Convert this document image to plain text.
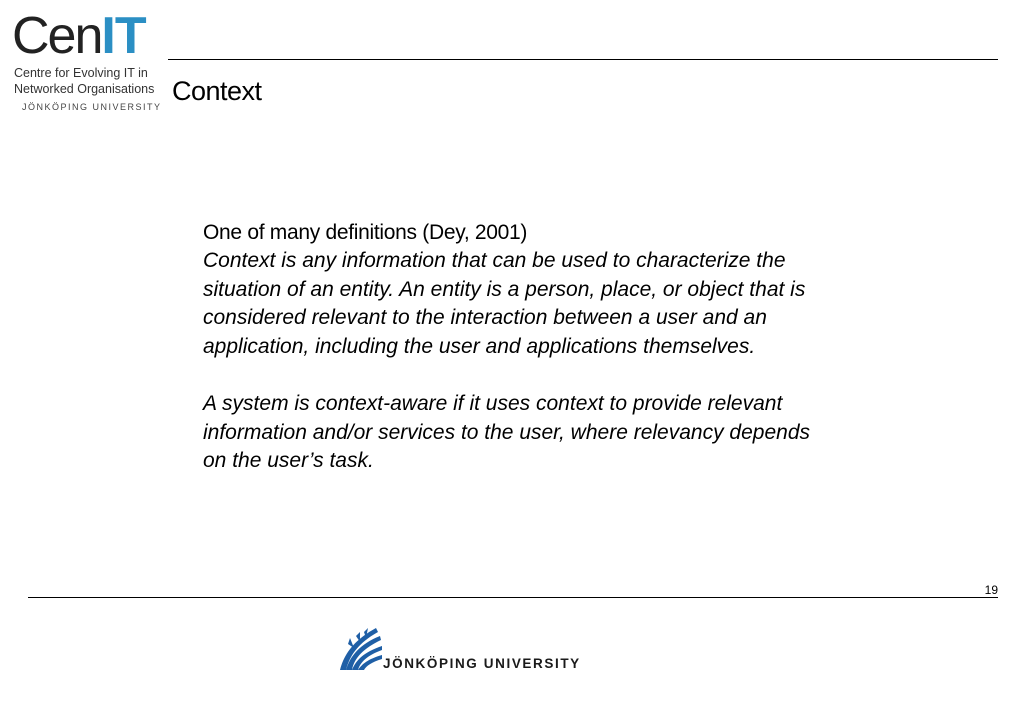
CenIT
Centre for Evolving IT in
Networked Organisations
JÖNKÖPING UNIVERSITY
Context
One of many definitions (Dey, 2001)

Context is any information that can be used to characterize the
situation of an entity. An entity is a person, place, or object that is
considered relevant to the interaction between a user and an
application, including the user and applications themselves.

A system is context-aware if it uses context to provide relevant
information and/or services to the user, where relevancy depends
on the user’s task.

19
JÖNKÖPING UNIVERSITY
